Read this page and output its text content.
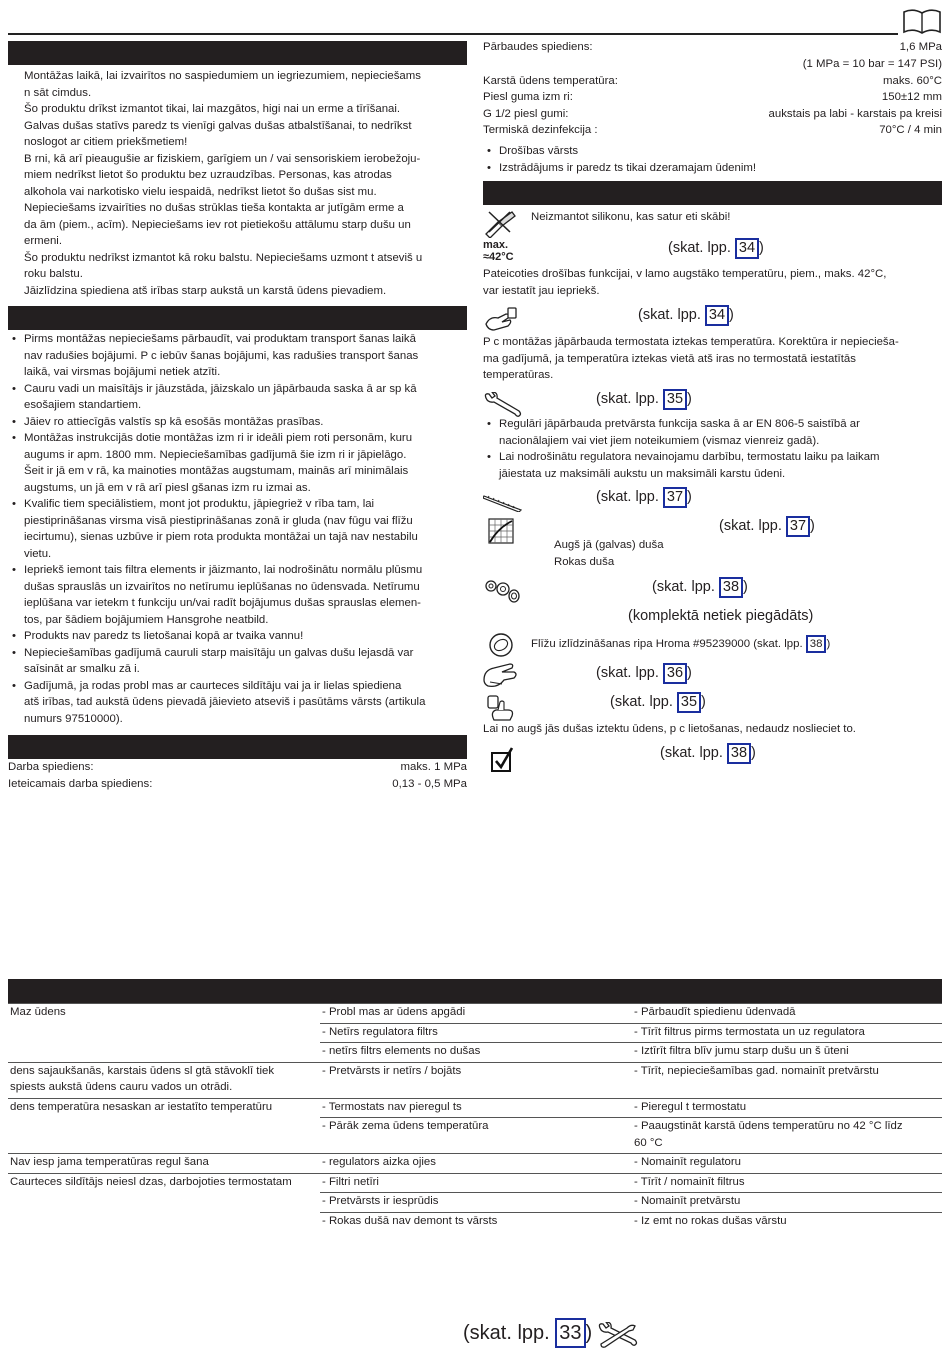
Montāžas laikā, lai izvairītos no saspiedumiem un iegriezumiem, nepieciešams

n sāt cimdus.

Šo produktu drīkst izmantot tikai, lai mazgātos, higi nai un erme a tīrīšanai.

Galvas dušas statīvs paredz ts vienīgi galvas dušas atbalstīšanai, to nedrīkst

noslogot ar citiem priekšmetiem!

B rni, kā arī pieaugušie ar fiziskiem, garīgiem un / vai sensoriskiem ierobežoju-

miem nedrīkst lietot šo produktu bez uzraudzības. Personas, kas atrodas

alkohola vai narkotisko vielu iespaidā, nedrīkst lietot šo dušas sist mu.

Nepieciešams izvairīties no dušas strūklas tieša kontakta ar jutīgām erme a

da ām (piem., acīm). Nepieciešams iev rot pietiekošu attālumu starp dušu un

ermeni.

Šo produktu nedrīkst izmantot kā roku balstu. Nepieciešams uzmont t atseviš u

roku balstu.

Jāizlīdzina spiediena atš irības starp aukstā un karstā ūdens pievadiem.

• Pirms montāžas nepieciešams pārbaudīt, vai produktam transport šanas laikā
nav radušies bojājumi. P c iebūv šanas bojājumi, kas radušies transport šanas
laikā, vai virsmas bojājumi netiek atzīti.
• Cauru vadi un maisītājs ir jāuzstāda, jāizskalo un jāpārbauda saska ā ar sp kā
esošajiem standartiem.
• Jāiev ro attiecīgās valstīs sp kā esošās montāžas prasības.
• Montāžas instrukcijās dotie montāžas izm ri ir ideāli piem roti personām, kuru
augums ir apm. 1800 mm. Nepieciešamības gadījumā šie izm ri ir jāpielāgo.
Šeit ir jā em v rā, ka mainoties montāžas augstumam, mainās arī minimālais
augstums, un jā em v rā arī piesl gšanas izm ru izmai as.
• Kvalific tiem speciālistiem, mont jot produktu, jāpiegriež v rība tam, lai
piestiprināšanas virsma visā piestiprināšanas zonā ir gluda (nav fūgu vai flīžu
iecirtumu), sienas uzbūve ir piem rota produkta montāžai un tajā nav nestabilu
vietu.
• Iepriekš iemont tais filtra elements ir jāizmanto, lai nodrošinātu normālu plūsmu
dušas sprauslās un izvairītos no netīrumu ieplūšanas no ūdensvada. Netīrumu
ieplūšana var ietekm t funkciju un/vai radīt bojājumus dušas sprauslas elemen-
tos, par šādiem bojājumiem Hansgrohe neatbild.
• Produkts nav paredz ts lietošanai kopā ar tvaika vannu!
• Nepieciešamības gadījumā cauruli starp maisītāju un galvas dušu lejasdā var
saīsināt ar smalku zā i.
• Gadījumā, ja rodas probl mas ar caurteces sildītāju vai ja ir lielas spiediena
atš irības, tad aukstā ūdens pievadā jāievieto atseviš i pasūtāms vārsts (artikula
numurs 97510000).
Darba spiediens:	maks. 1 MPa
Ieteicamais darba spiediens:	0,13 - 0,5 MPa
Pārbaudes spiediens:	1,6 MPa
(1 MPa = 10 bar = 147 PSI)
Karstā ūdens temperatūra:	maks. 60°C
Piesl guma izm ri:	150±12 mm
G 1/2 piesl gumi:	aukstais pa labi - karstais pa kreisi
Termiskā dezinfekcija :	70°C / 4 min
• Drošības vārsts
• Izstrādājums ir paredz ts tikai dzeramajam ūdenim!
Neizmantot silikonu, kas satur eti skābi!
max.
≈42°C
(skat. lpp. 34 )
Pateicoties drošības funkcijai, v lamo augstāko temperatūru, piem., maks. 42°C,
var iestatīt jau iepriekš.
(skat. lpp. 34 )
P c montāžas jāpārbauda termostata iztekas temperatūra. Korektūra ir nepiecieša-
ma gadījumā, ja temperatūra iztekas vietā atš iras no termostatā iestatītās
temperatūras.
(skat. lpp. 35 )
• Regulāri jāpārbauda pretvārsta funkcija saska ā ar EN 806-5 saistībā ar
nacionālajiem vai viet jiem noteikumiem (vismaz vienreiz gadā).
• Lai nodrošinātu regulatora nevainojamu darbību, termostatu laiku pa laikam
jāiestata uz maksimāli aukstu un maksimāli karstu ūdeni.
(skat. lpp. 37 )
(skat. lpp. 37 )
Augš jā (galvas) duša
Rokas duša
(skat. lpp. 38 )
(komplektā netiek piegādāts)
Flīžu izlīdzināšanas ripa Hroma #95239000 (skat. lpp. 38 )
(skat. lpp. 36 )
(skat. lpp. 35 )
Lai no augš jās dušas iztektu ūdens, p c lietošanas, nedaudz noslieciet to.
(skat. lpp. 38 )
Maz ūdens	- Probl mas ar ūdens apgādi	- Pārbaudīt spiedienu ūdenvadā
- Netīrs regulatora filtrs	- Tīrīt filtrus pirms termostata un uz regulatora
- netīrs filtrs elements no dušas	- Iztīrīt filtra blīv jumu starp dušu un š ūteni
dens sajaukšanās, karstais ūdens sl gtā stāvoklī tiek
spiests aukstā ūdens cauru vados un otrādi.
- Pretvārsts ir netīrs / bojāts	- Tīrīt, nepieciešamības gad. nomainīt pretvārstu
dens temperatūra nesaskan ar iestatīto temperatūru	- Termostats nav pieregul ts	- Pieregul t termostatu
- Pārāk zema ūdens temperatūra	- Paaugstināt karstā ūdens temperatūru no 42 °C līdz
60 °C
Nav iesp jama temperatūras regul šana	- regulators aizka ojies	- Nomainīt regulatoru
Caurteces sildītājs neiesl dzas, darbojoties termostatam	- Filtri netīri	- Tīrīt / nomainīt filtrus
- Pretvārsts ir iesprūdis	- Nomainīt pretvārstu
- Rokas dušā nav demont ts vārsts	- Iz emt no rokas dušas vārstu
(skat. lpp. 33 )
